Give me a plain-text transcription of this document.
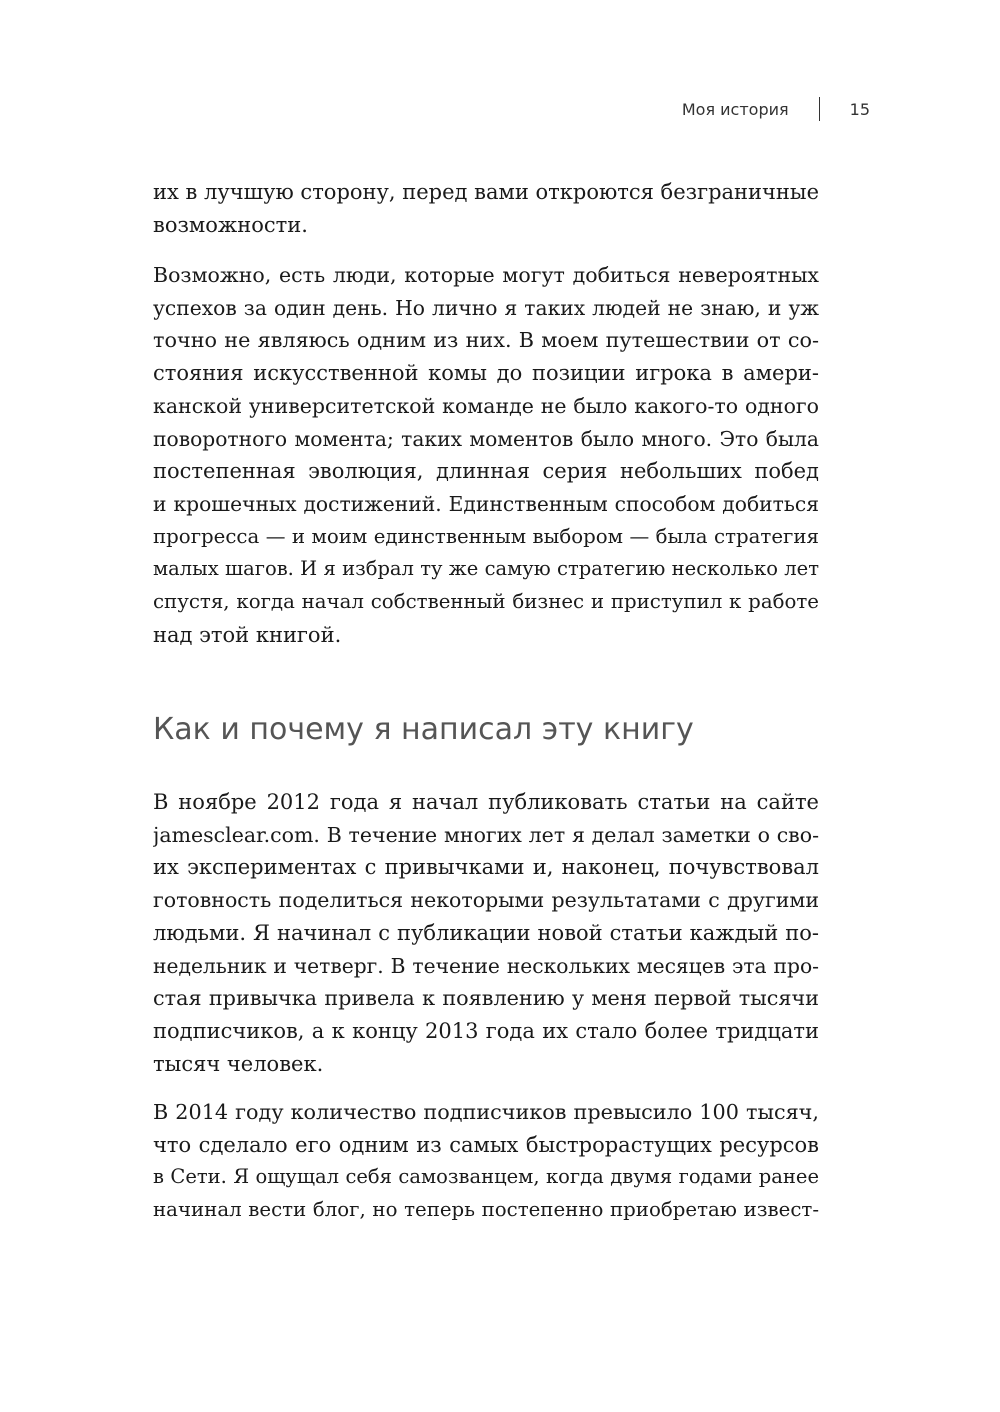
Моя история	15

их в лучшую сторону, перед вами откроются безграничные
возможности.

Возможно, есть люди, которые могут добиться невероятных
успехов за один день. Но лично я таких людей не знаю, и уж
точно не являюсь одним из них. В моем путешествии от со-
стояния искусственной комы до позиции игрока в амери-
канской университетской команде не было какого-то одного
поворотного момента; таких моментов было много. Это была
постепенная эволюция, длинная серия небольших побед
и крошечных достижений. Единственным способом добиться
прогресса — и моим единственным выбором — была стратегия
малых шагов. И я избрал ту же самую стратегию несколько лет
спустя, когда начал собственный бизнес и приступил к работе
над этой книгой.

Как и почему я написал эту книгу

В ноябре 2012 года я начал публиковать статьи на сайте
jamesclear.com. В течение многих лет я делал заметки о сво-
их экспериментах с привычками и, наконец, почувствовал
готовность поделиться некоторыми результатами с другими
людьми. Я начинал с публикации новой статьи каждый по-
недельник и четверг. В течение нескольких месяцев эта про-
стая привычка привела к появлению у меня первой тысячи
подписчиков, а к концу 2013 года их стало более тридцати
тысяч человек.

В 2014 году количество подписчиков превысило 100 тысяч,
что сделало его одним из самых быстрорастущих ресурсов
в Сети. Я ощущал себя самозванцем, когда двумя годами ранее
начинал вести блог, но теперь постепенно приобретаю извест-
